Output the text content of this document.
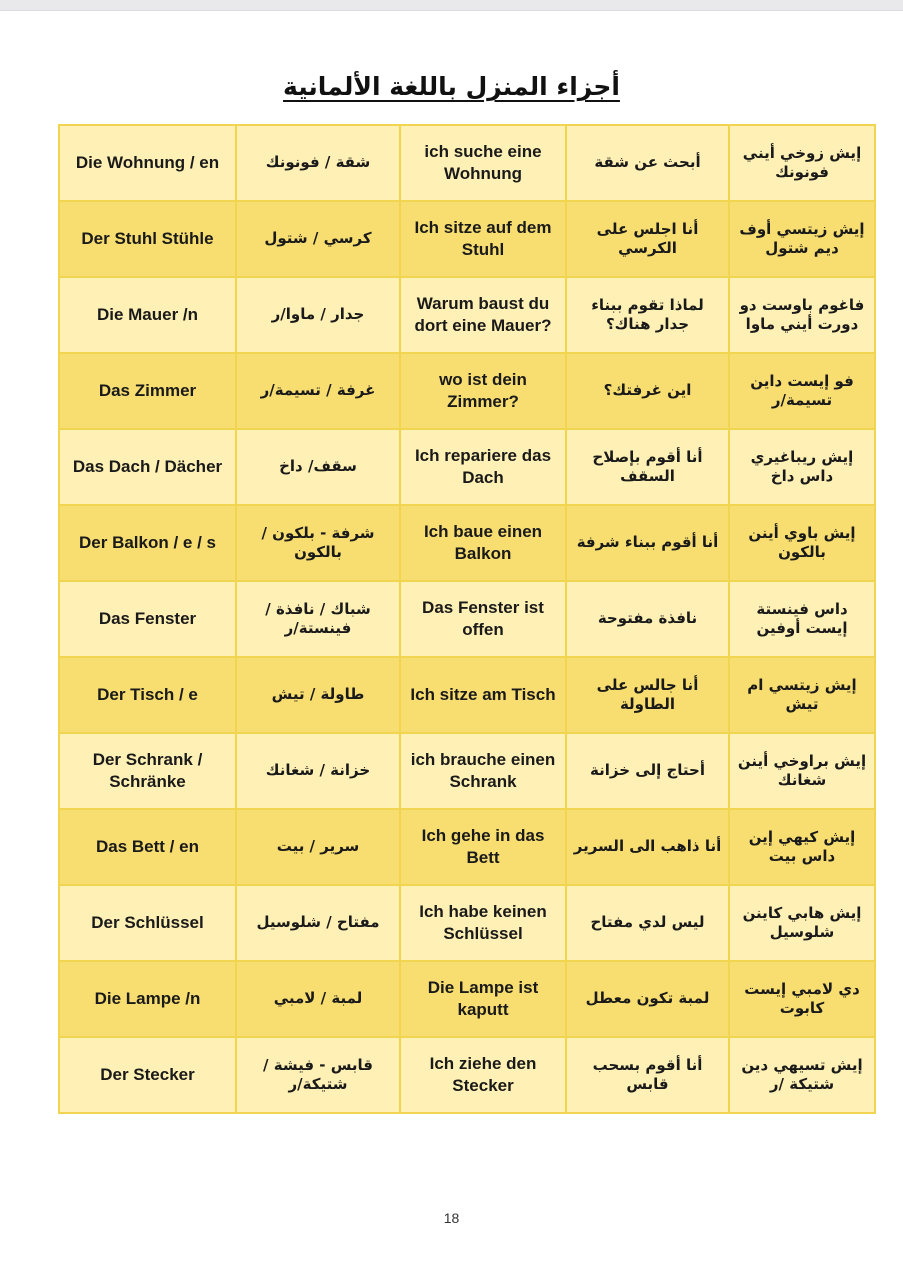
أجزاء المنزل باللغة الألمانية
Die Wohnung / en	شقة / فونونك	ich suche eine Wohnung	أبحث عن شقة	إيش زوخي أيني فونونك
Der Stuhl Stühle	كرسي / شتول	Ich sitze auf dem Stuhl	أنا اجلس على الكرسي	إيش زيتسي أوف ديم شتول
Die Mauer /n	جدار / ماوا/ر	Warum baust du dort eine Mauer?	لماذا تقوم ببناء جدار هناك؟	فاغوم باوست دو دورت أيني ماوا
Das Zimmer	غرفة / تسيمة/ر	wo ist dein Zimmer?	اين غرفتك؟	فو إيست داين تسيمة/ر
Das Dach / Dächer	سقف/ داخ	Ich repariere das Dach	أنا أقوم بإصلاح السقف	إيش ريباغيري داس داخ
Der Balkon / e / s	شرفة - بلكون / بالكون	Ich baue einen Balkon	أنا أقوم ببناء شرفة	إيش باوي أينن بالكون
Das Fenster	شباك / نافذة / فينستة/ر	Das Fenster ist offen	نافذة مفتوحة	داس فينستة إيست أوفين
Der Tisch / e	طاولة / تيش	Ich sitze am Tisch	أنا جالس على الطاولة	إيش زيتسي ام تيش
Der Schrank / Schränke	خزانة / شغانك	ich brauche einen Schrank	أحتاج إلى خزانة	إيش براوخي أينن شغانك
Das Bett / en	سرير / بيت	Ich gehe in das Bett	أنا ذاهب الى السرير	إيش كيهي إين داس بيت
Der Schlüssel	مفتاح / شلوسيل	Ich habe keinen Schlüssel	ليس لدي مفتاح	إيش هابي كاينن شلوسيل
Die Lampe /n	لمبة / لامبي	Die Lampe ist kaputt	لمبة تكون معطل	دي لامبي إيست كابوت
Der Stecker	قابس - فيشة / شتيكة/ر	Ich ziehe den Stecker	أنا أقوم بسحب قابس	إيش تسيهي دين شتيكة /ر
18
